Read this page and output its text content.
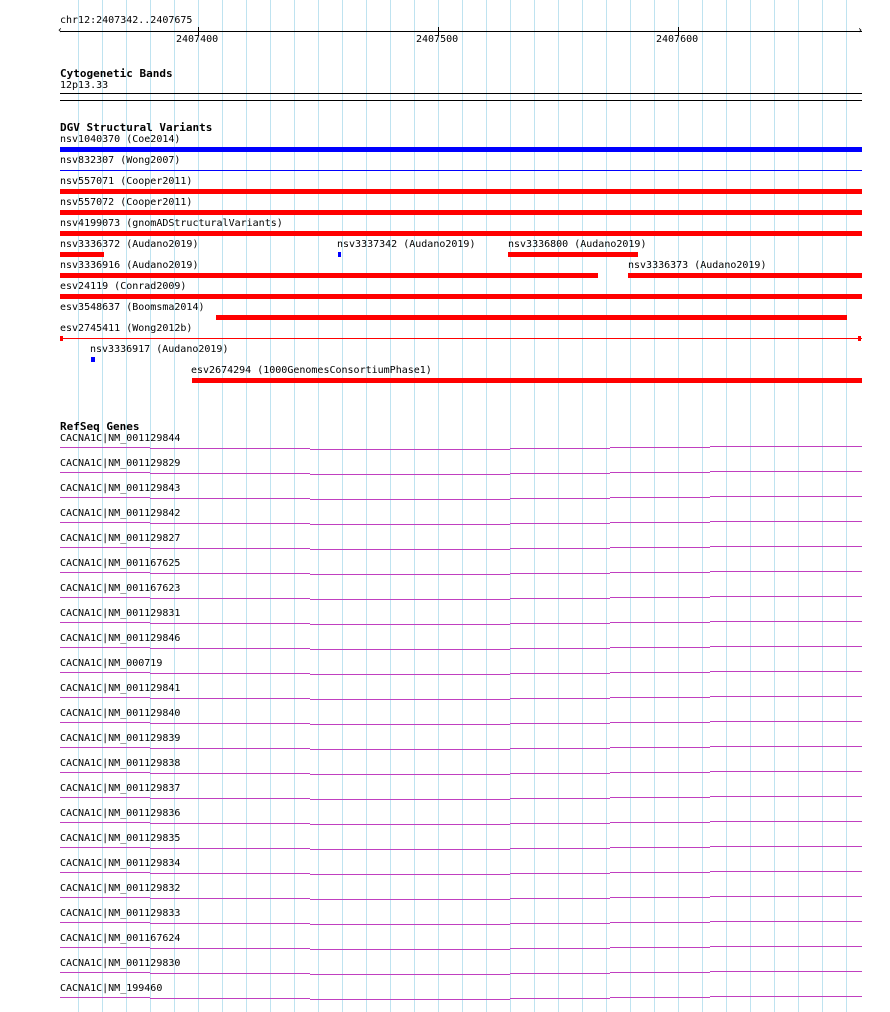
chr12:2407342..2407675
‹	›
2407400	2407500	2407600
Cytogenetic Bands
12p13.33
DGV Structural Variants
nsv1040370 (Coe2014)
nsv832307 (Wong2007)
nsv557071 (Cooper2011)
nsv557072 (Cooper2011)
nsv4199073 (gnomADStructuralVariants)
nsv3336372 (Audano2019)	nsv3337342 (Audano2019)	nsv3336800 (Audano2019)
nsv3336916 (Audano2019)	nsv3336373 (Audano2019)
esv24119 (Conrad2009)
esv3548637 (Boomsma2014)
esv2745411 (Wong2012b)
nsv3336917 (Audano2019)
esv2674294 (1000GenomesConsortiumPhase1)
RefSeq Genes
CACNA1C|NM_001129844
CACNA1C|NM_001129829
CACNA1C|NM_001129843
CACNA1C|NM_001129842
CACNA1C|NM_001129827
CACNA1C|NM_001167625
CACNA1C|NM_001167623
CACNA1C|NM_001129831
CACNA1C|NM_001129846
CACNA1C|NM_000719
CACNA1C|NM_001129841
CACNA1C|NM_001129840
CACNA1C|NM_001129839
CACNA1C|NM_001129838
CACNA1C|NM_001129837
CACNA1C|NM_001129836
CACNA1C|NM_001129835
CACNA1C|NM_001129834
CACNA1C|NM_001129832
CACNA1C|NM_001129833
CACNA1C|NM_001167624
CACNA1C|NM_001129830
CACNA1C|NM_199460
